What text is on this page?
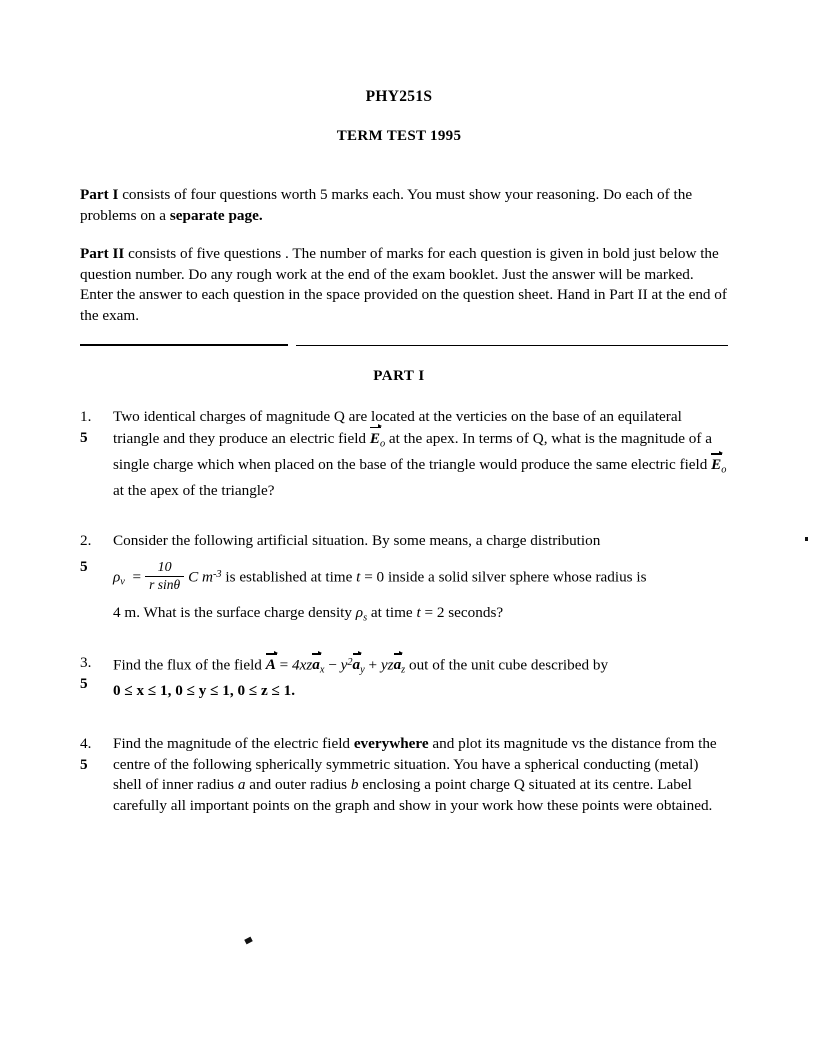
PHY251S
TERM TEST 1995

Part I consists of four questions worth 5 marks each. You must show your reasoning. Do each of the problems on a separate page.

Part II consists of five questions . The number of marks for each question is given in bold just below the question number. Do any rough work at the end of the exam booklet. Just the answer will be marked. Enter the answer to each question in the space provided on the question sheet. Hand in Part II at the end of the exam.

PART I
1.
5
Two identical charges of magnitude Q are located at the verticies on the base of an equilateral triangle and they produce an electric field $E_o$ at the apex. In terms of Q, what is the magnitude of a single charge which when placed on the base of the triangle would produce the same electric field $E_o$ at the apex of the triangle?
2.
5
Consider the following artificial situation. By some means, a charge distribution
$\rho_v = \frac{10}{\text{r sinθ}}$ C $m^{-3}$ is established at time t = 0 inside a solid silver sphere whose radius is
4 m. What is the surface charge density $\rho_s$ at time t = 2 seconds?
3.
5
Find the flux of the field $A = 4xza_x - y^2a_y + yza_z$ out of the unit cube described by
0 ≤ x ≤ 1, 0 ≤ y ≤ 1, 0 ≤ z ≤ 1.
4.
5
Find the magnitude of the electric field everywhere and plot its magnitude vs the distance from the centre of the following spherically symmetric situation. You have a spherical conducting (metal) shell of inner radius a and outer radius b enclosing a point charge Q situated at its centre. Label carefully all important points on the graph and show in your work how these points were obtained.
